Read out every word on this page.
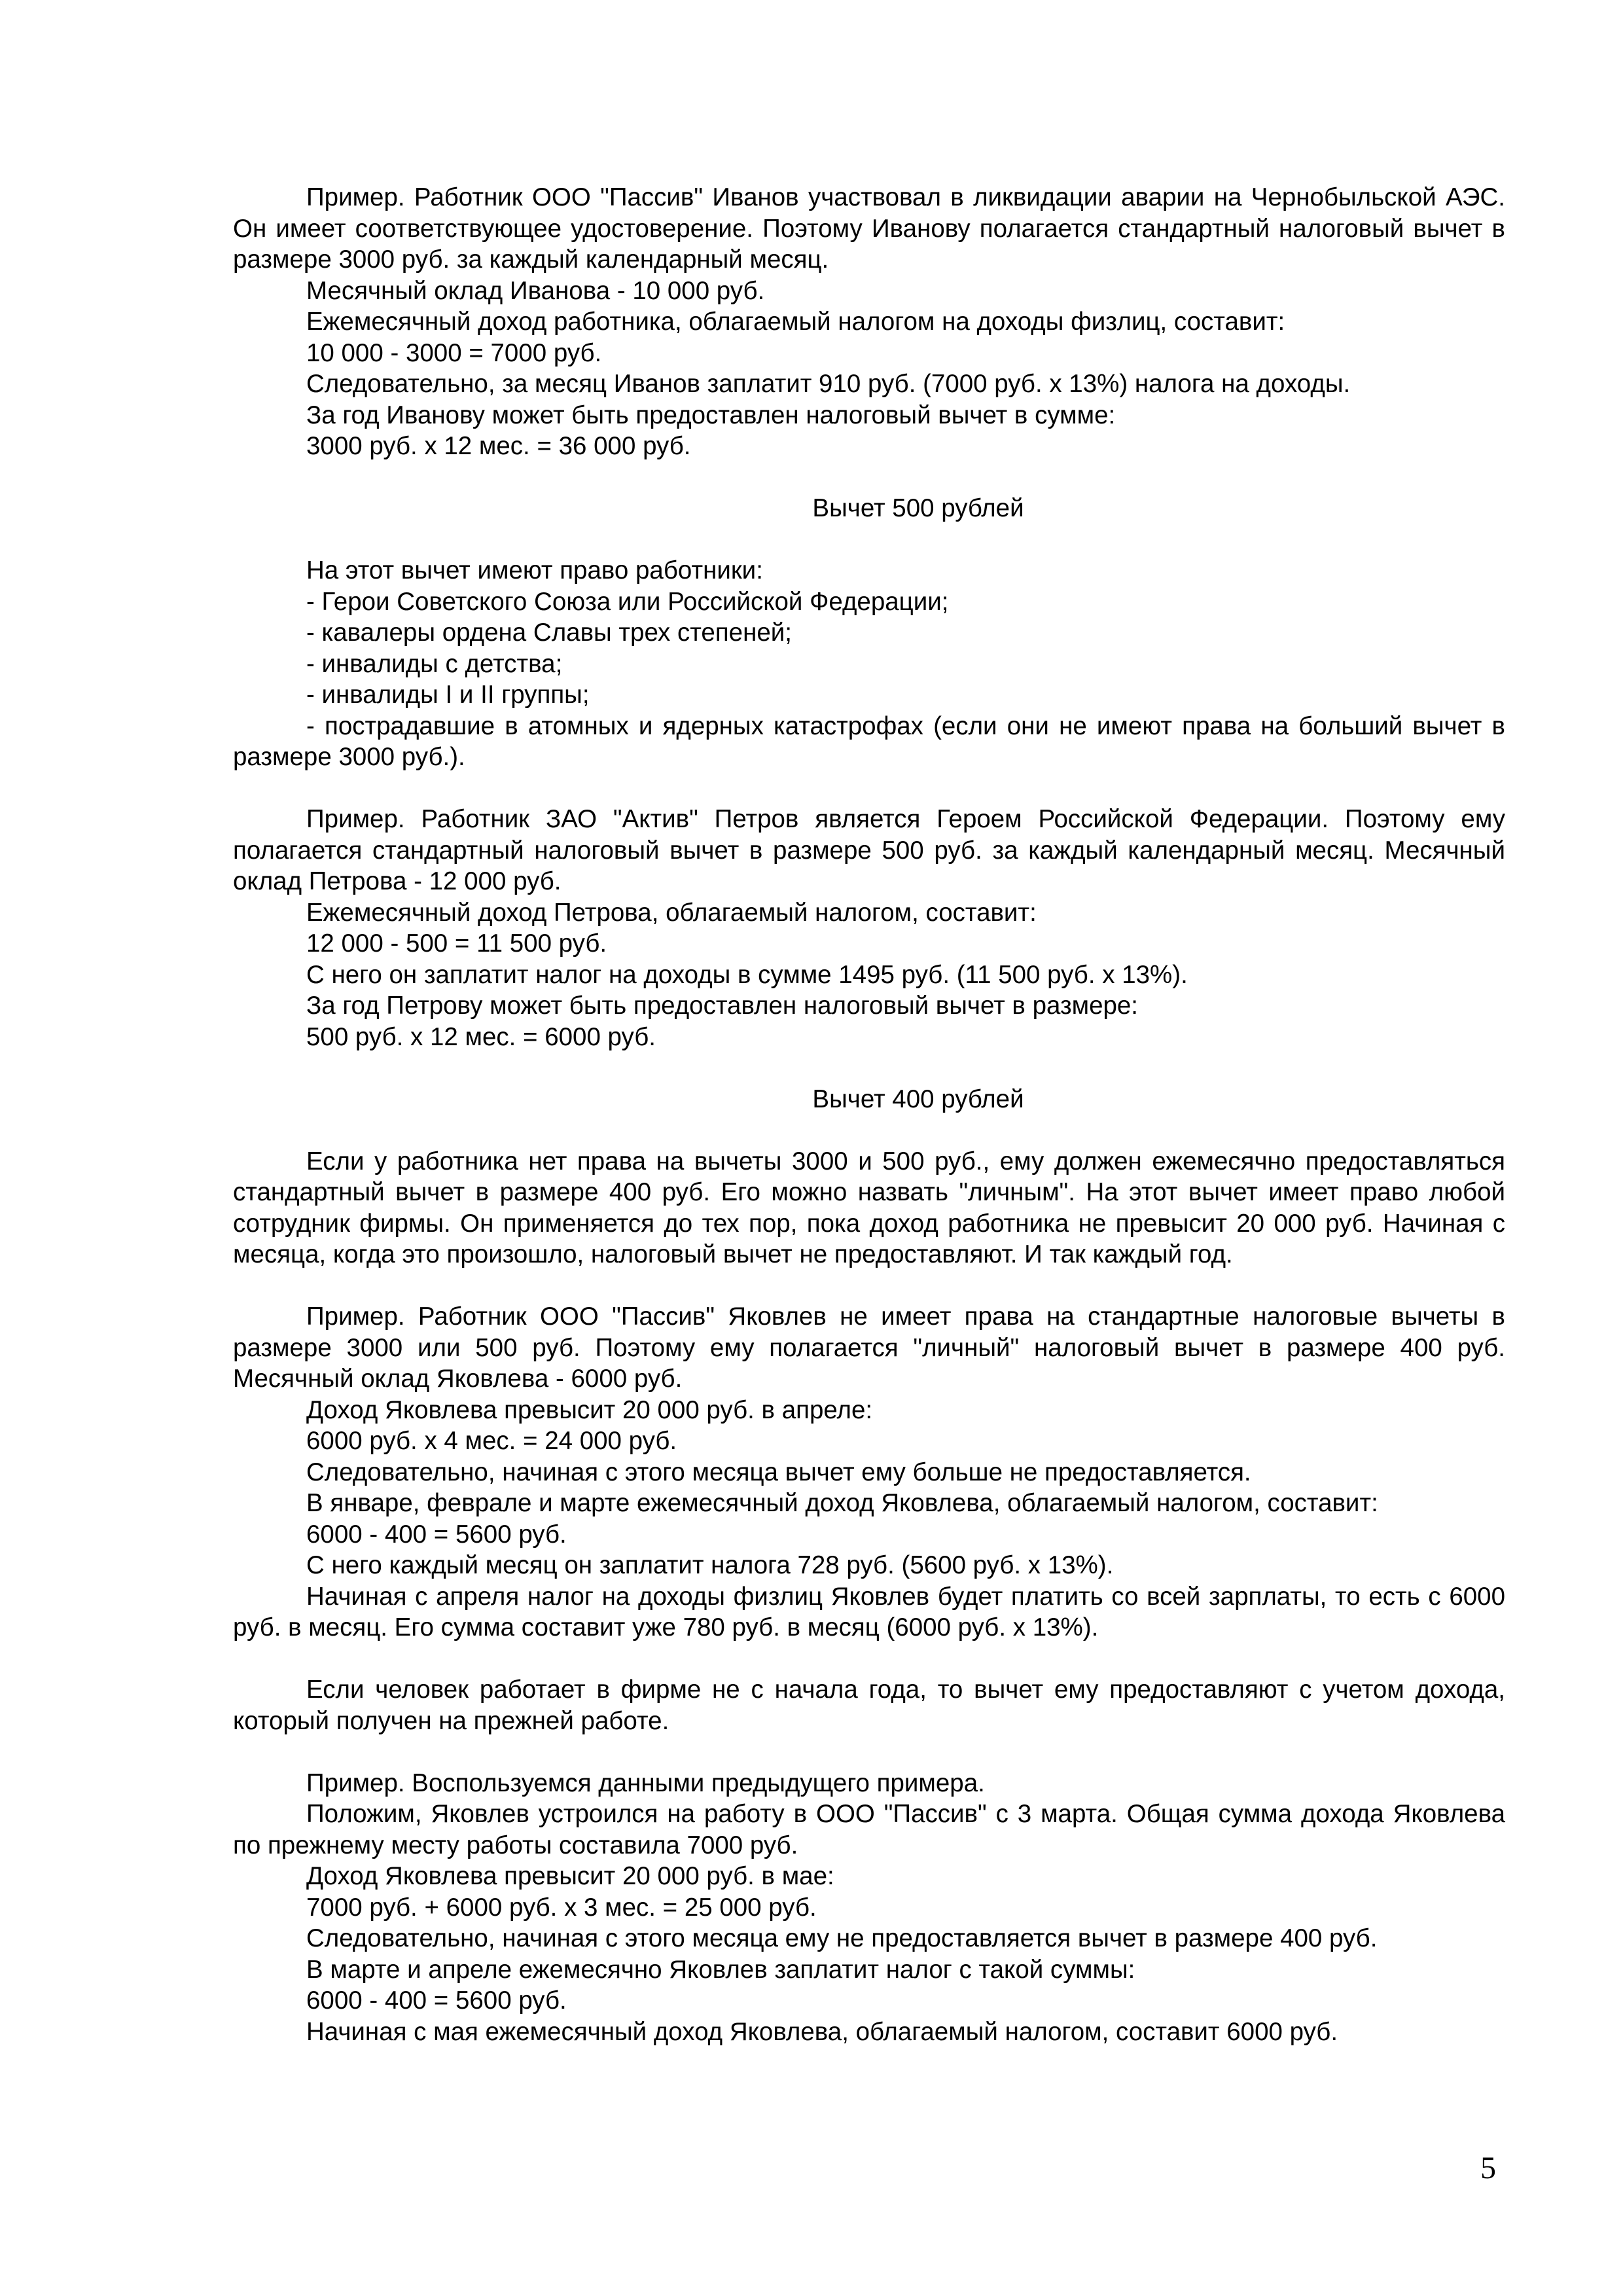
Пример. Работник ООО "Пассив" Иванов участвовал в ликвидации аварии на Чернобыльской АЭС. Он имеет соответствующее удостоверение. Поэтому Иванову полагается стандартный налоговый вычет в размере 3000 руб. за каждый календарный месяц.

Месячный оклад Иванова - 10 000 руб.

Ежемесячный доход работника, облагаемый налогом на доходы физлиц, составит:

10 000 - 3000 = 7000 руб.

Следовательно, за месяц Иванов заплатит 910 руб. (7000 руб. х 13%) налога на доходы.

За год Иванову может быть предоставлен налоговый вычет в сумме:

3000 руб. х 12 мес. = 36 000 руб.

Вычет 500 рублей

На этот вычет имеют право работники:

- Герои Советского Союза или Российской Федерации;

- кавалеры ордена Славы трех степеней;

- инвалиды с детства;

- инвалиды I и II группы;

- пострадавшие в атомных и ядерных катастрофах (если они не имеют права на больший вычет в размере 3000 руб.).

Пример. Работник ЗАО "Актив" Петров является Героем Российской Федерации. Поэтому ему полагается стандартный налоговый вычет в размере 500 руб. за каждый календарный месяц. Месячный оклад Петрова - 12 000 руб.

Ежемесячный доход Петрова, облагаемый налогом, составит:

12 000 - 500 = 11 500 руб.

С него он заплатит налог на доходы в сумме 1495 руб. (11 500 руб. х 13%).

За год Петрову может быть предоставлен налоговый вычет в размере:

500 руб. х 12 мес. = 6000 руб.

Вычет 400 рублей

Если у работника нет права на вычеты 3000 и 500 руб., ему должен ежемесячно предоставляться стандартный вычет в размере 400 руб. Его можно назвать "личным". На этот вычет имеет право любой сотрудник фирмы. Он применяется до тех пор, пока доход работника не превысит 20 000 руб. Начиная с месяца, когда это произошло, налоговый вычет не предоставляют. И так каждый год.

Пример. Работник ООО "Пассив" Яковлев не имеет права на стандартные налоговые вычеты в размере 3000 или 500 руб. Поэтому ему полагается "личный" налоговый вычет в размере 400 руб. Месячный оклад Яковлева - 6000 руб.

Доход Яковлева превысит 20 000 руб. в апреле:

6000 руб. х 4 мес. = 24 000 руб.

Следовательно, начиная с этого месяца вычет ему больше не предоставляется.

В январе, феврале и марте ежемесячный доход Яковлева, облагаемый налогом, составит:

6000 - 400 = 5600 руб.

С него каждый месяц он заплатит налога 728 руб. (5600 руб. х 13%).

Начиная с апреля налог на доходы физлиц Яковлев будет платить со всей зарплаты, то есть с 6000 руб. в месяц. Его сумма составит уже 780 руб. в месяц (6000 руб. х 13%).

Если человек работает в фирме не с начала года, то вычет ему предоставляют с учетом дохода, который получен на прежней работе.

Пример. Воспользуемся данными предыдущего примера.

Положим, Яковлев устроился на работу в ООО "Пассив" с 3 марта. Общая сумма дохода Яковлева по прежнему месту работы составила 7000 руб.

Доход Яковлева превысит 20 000 руб. в мае:

7000 руб. + 6000 руб. х 3 мес. = 25 000 руб.

Следовательно, начиная с этого месяца ему не предоставляется вычет в размере 400 руб.

В марте и апреле ежемесячно Яковлев заплатит налог с такой суммы:

6000 - 400 = 5600 руб.

Начиная с мая ежемесячный доход Яковлева, облагаемый налогом, составит 6000 руб.

5
